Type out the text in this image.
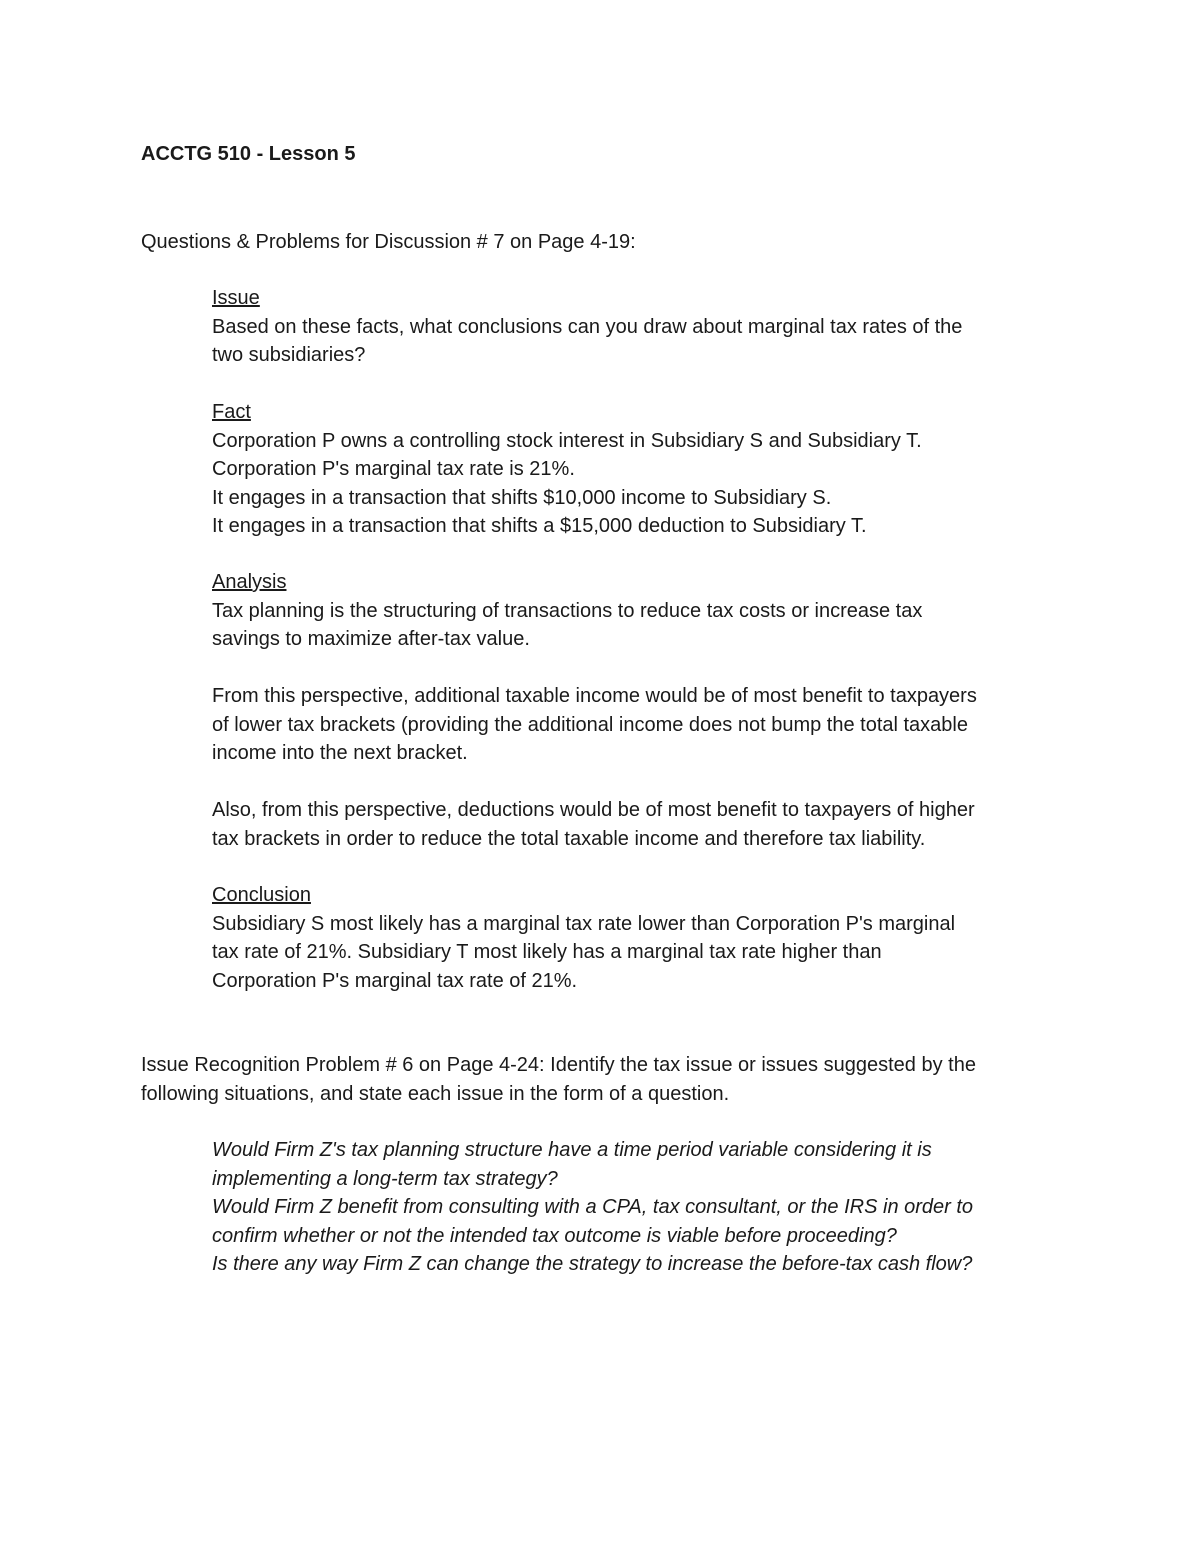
ACCTG 510 - Lesson 5

Questions & Problems for Discussion # 7 on Page 4-19:

Issue
Based on these facts, what conclusions can you draw about marginal tax rates of the
two subsidiaries?
Fact
Corporation P owns a controlling stock interest in Subsidiary S and Subsidiary T.
Corporation P's marginal tax rate is 21%.
It engages in a transaction that shifts $10,000 income to Subsidiary S.
It engages in a transaction that shifts a $15,000 deduction to Subsidiary T.
Analysis
Tax planning is the structuring of transactions to reduce tax costs or increase tax
savings to maximize after-tax value.
From this perspective, additional taxable income would be of most benefit to taxpayers
of lower tax brackets (providing the additional income does not bump the total taxable
income into the next bracket.
Also, from this perspective, deductions would be of most benefit to taxpayers of higher
tax brackets in order to reduce the total taxable income and therefore tax liability.
Conclusion
Subsidiary S most likely has a marginal tax rate lower than Corporation P's marginal
tax rate of 21%. Subsidiary T most likely has a marginal tax rate higher than
Corporation P's marginal tax rate of 21%.
Issue Recognition Problem # 6 on Page 4-24: Identify the tax issue or issues suggested by the
following situations, and state each issue in the form of a question.
Would Firm Z's tax planning structure have a time period variable considering it is
implementing a long-term tax strategy?
Would Firm Z benefit from consulting with a CPA, tax consultant, or the IRS in order to
confirm whether or not the intended tax outcome is viable before proceeding?
Is there any way Firm Z can change the strategy to increase the before-tax cash flow?
